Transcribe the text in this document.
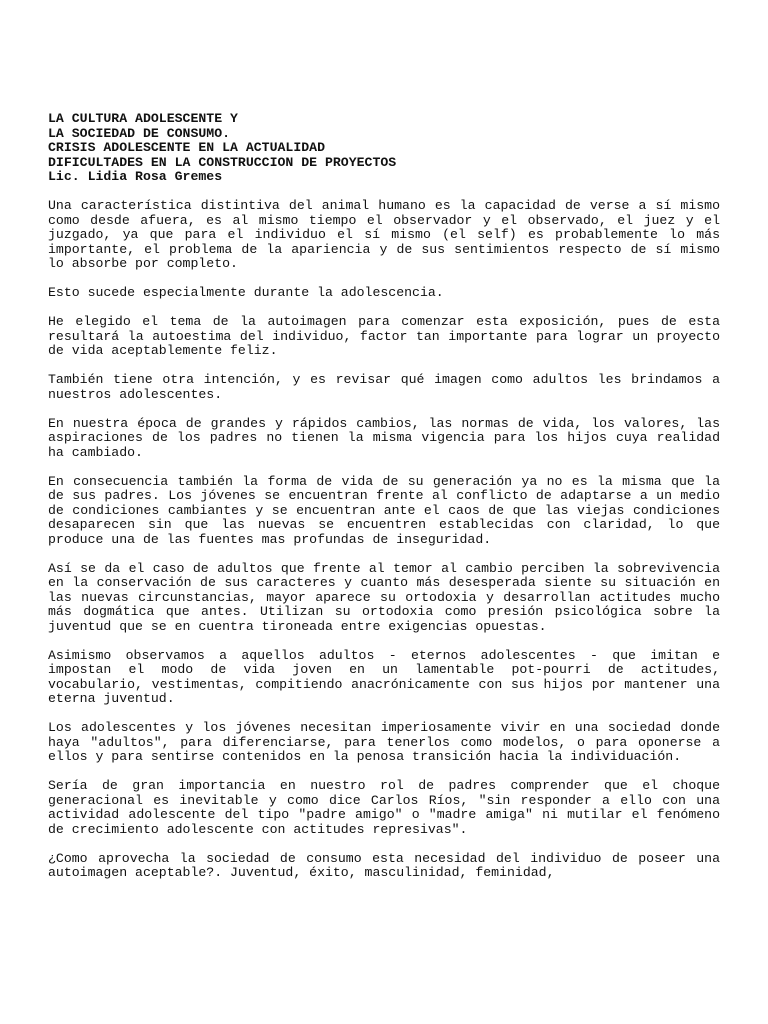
LA CULTURA ADOLESCENTE Y
LA SOCIEDAD DE CONSUMO.
CRISIS ADOLESCENTE EN LA ACTUALIDAD
DIFICULTADES EN LA CONSTRUCCION DE PROYECTOS
Lic. Lidia Rosa Gremes

Una característica distintiva del animal humano es la capacidad de verse a sí mismo como desde afuera, es al mismo tiempo el observador y el observado, el juez y el juzgado, ya que para el individuo el sí mismo (el self) es probablemente lo más importante, el problema de la apariencia y de sus sentimientos respecto de sí mismo lo absorbe por completo.

Esto sucede especialmente durante la adolescencia.

He elegido el tema de la autoimagen para comenzar esta exposición, pues de esta resultará la autoestima del individuo, factor tan importante para lograr un proyecto de vida aceptablemente feliz.

También tiene otra intención, y es revisar qué imagen como adultos les brindamos a nuestros adolescentes.

En nuestra época de grandes y rápidos cambios, las normas de vida, los valores, las aspiraciones de los padres no tienen la misma vigencia para los hijos cuya realidad ha cambiado.

En consecuencia también la forma de vida de su generación ya no es la misma que la de sus padres. Los jóvenes se encuentran frente al conflicto de adaptarse a un medio de condiciones cambiantes y se encuentran ante el caos de que las viejas condiciones desaparecen sin que las nuevas se encuentren establecidas con claridad, lo que produce una de las fuentes mas profundas de inseguridad.

Así se da el caso de adultos que frente al temor al cambio perciben la sobrevivencia en la conservación de sus caracteres y cuanto más desesperada siente su situación en las nuevas circunstancias, mayor aparece su ortodoxia y desarrollan actitudes mucho más dogmática que antes. Utilizan su ortodoxia como presión psicológica sobre la juventud que se en cuentra tironeada entre exigencias opuestas.

Asimismo observamos a aquellos adultos - eternos adolescentes - que imitan e impostan el modo de vida joven en un lamentable pot-pourri de actitudes, vocabulario, vestimentas, compitiendo anacrónicamente con sus hijos por mantener una eterna juventud.

Los adolescentes y los jóvenes necesitan imperiosamente vivir en una sociedad donde haya "adultos", para diferenciarse, para tenerlos como modelos, o para oponerse a ellos y para sentirse contenidos en la penosa transición hacia la individuación.

Sería de gran importancia en nuestro rol de padres comprender que el choque generacional es inevitable y como dice Carlos Ríos, "sin responder a ello con una actividad adolescente del tipo "padre amigo" o "madre amiga" ni mutilar el fenómeno de crecimiento adolescente con actitudes represivas".

¿Como aprovecha la sociedad de consumo esta necesidad del individuo de poseer una autoimagen aceptable?. Juventud, éxito, masculinidad, feminidad,
